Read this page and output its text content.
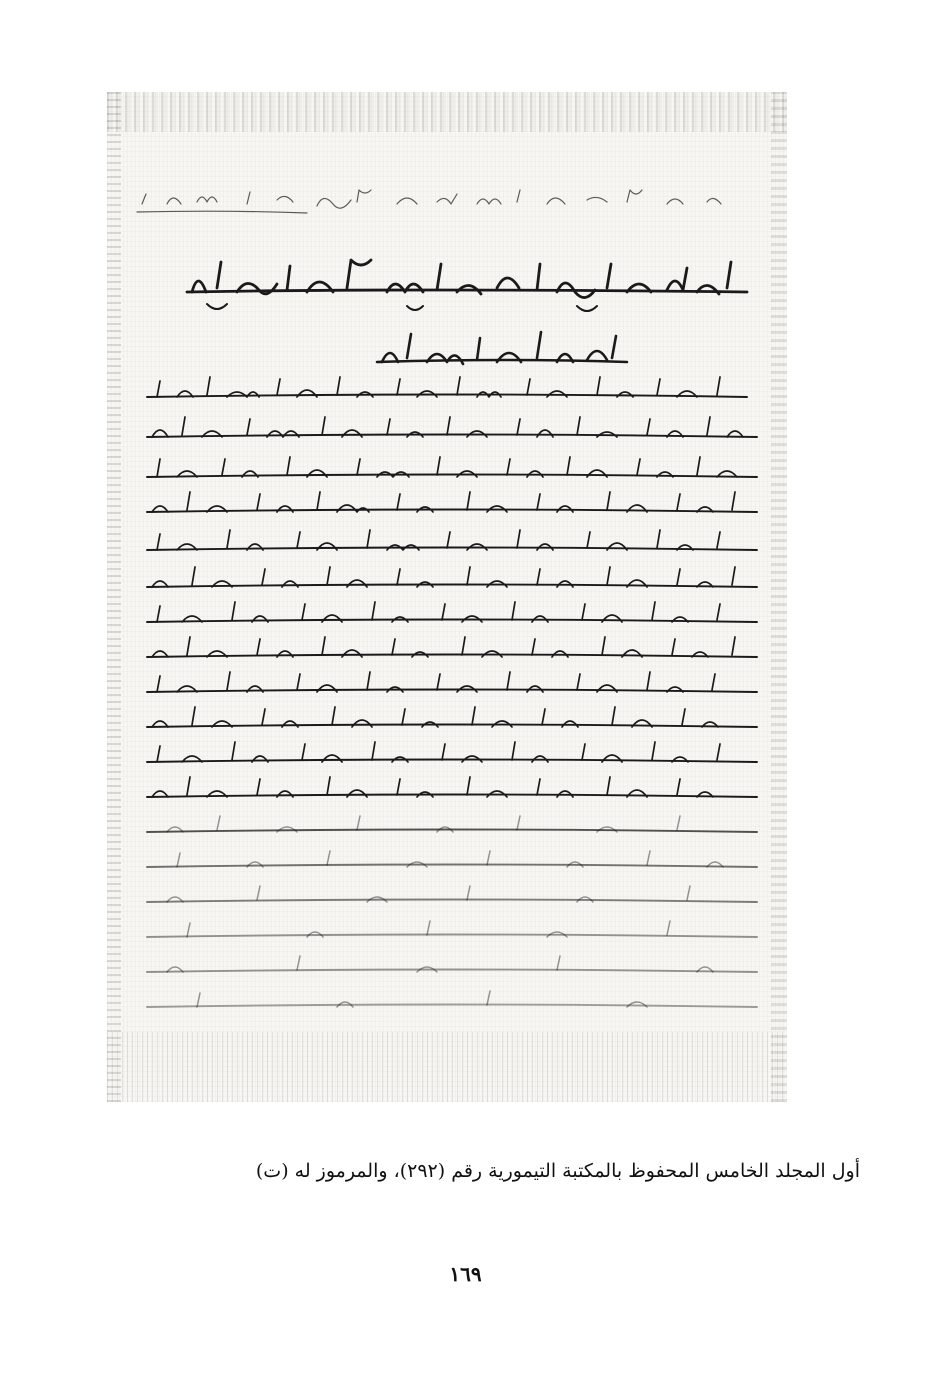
أول المجلد الخامس المحفوظ بالمكتبة التيمورية رقم (٢٩٢)، والمرموز له (ت)
١٦٩
